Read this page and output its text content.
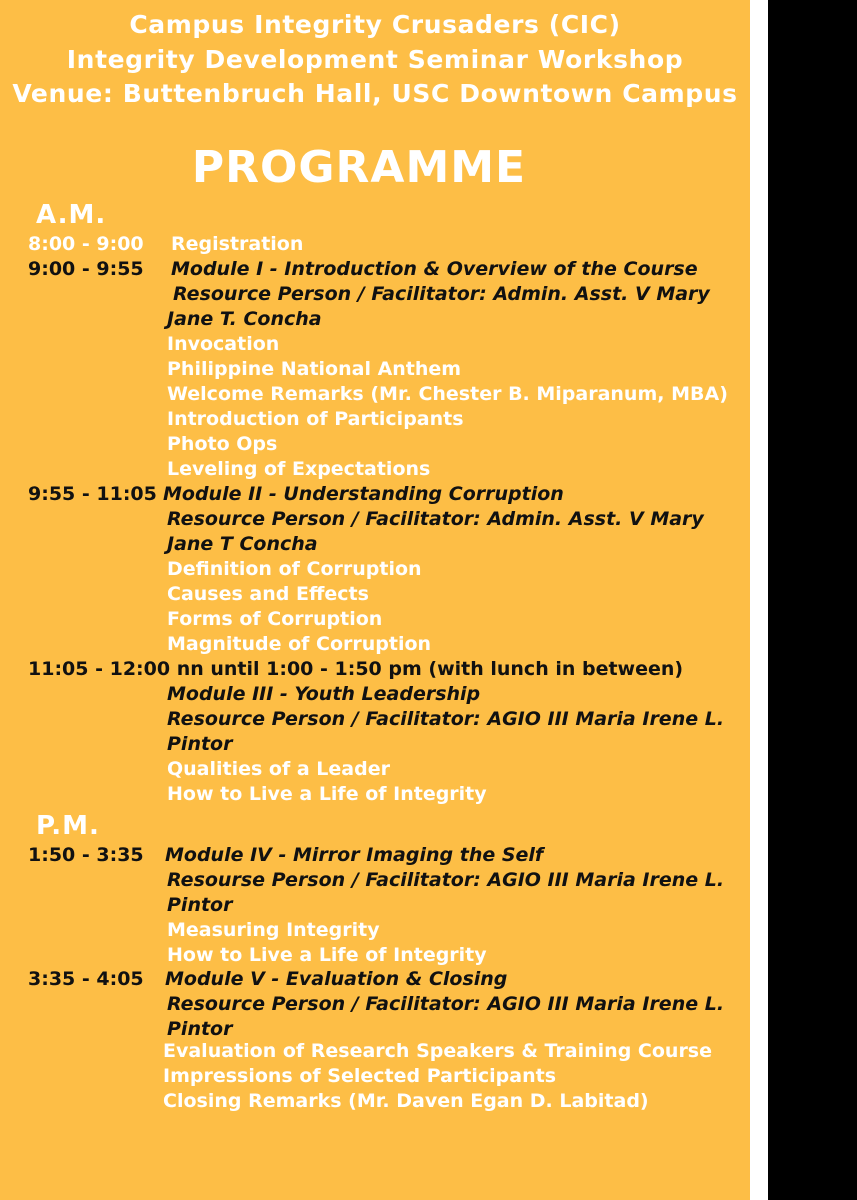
Campus Integrity Crusaders (CIC)
Integrity Development Seminar Workshop
Venue: Buttenbruch Hall, USC Downtown Campus
PROGRAMME
A.M.
8:00 - 9:00 Registration
9:00 - 9:55 Module I - Introduction & Overview of the Course
Resource Person / Facilitator: Admin. Asst. V Mary
Jane T. Concha
Invocation
Philippine National Anthem
Welcome Remarks (Mr. Chester B. Miparanum, MBA)
Introduction of Participants
Photo Ops
Leveling of Expectations
9:55 - 11:05 Module II - Understanding Corruption
Resource Person / Facilitator: Admin. Asst. V Mary
Jane T Concha
Definition of Corruption
Causes and Effects
Forms of Corruption
Magnitude of Corruption
11:05 - 12:00 nn until 1:00 - 1:50 pm (with lunch in between)
Module III - Youth Leadership
Resource Person / Facilitator: AGIO III Maria Irene L.
Pintor
Qualities of a Leader
How to Live a Life of Integrity
P.M.
1:50 - 3:35 Module IV - Mirror Imaging the Self
Resourse Person / Facilitator: AGIO III Maria Irene L.
Pintor
Measuring Integrity
How to Live a Life of Integrity
3:35 - 4:05 Module V - Evaluation & Closing
Resource Person / Facilitator: AGIO III Maria Irene L.
Pintor
Evaluation of Research Speakers & Training Course
Impressions of Selected Participants
Closing Remarks (Mr. Daven Egan D. Labitad)
